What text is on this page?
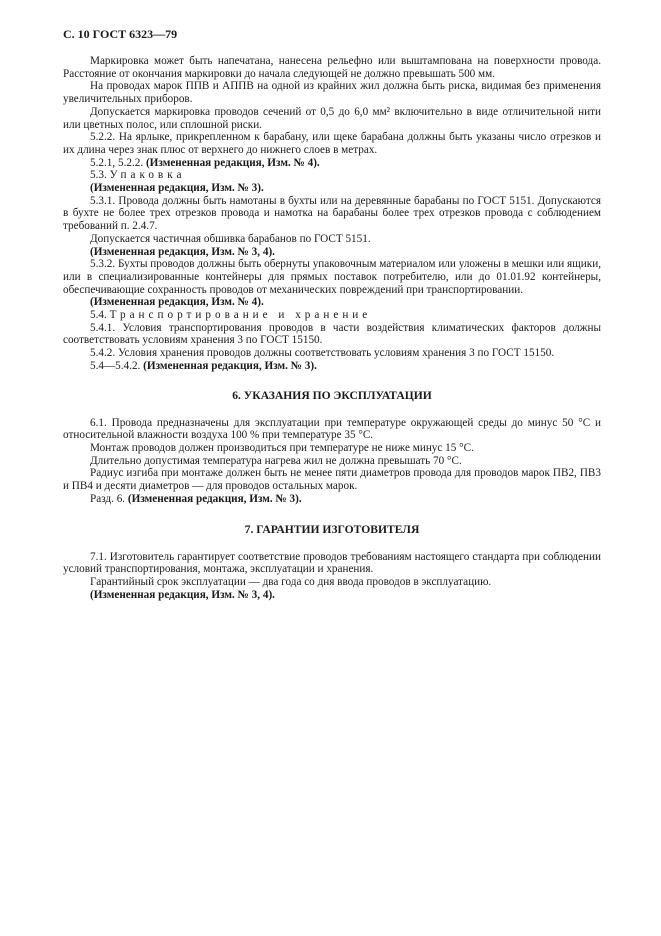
С. 10 ГОСТ 6323—79

Маркировка может быть напечатана, нанесена рельефно или выштампована на поверхности провода. Расстояние от окончания маркировки до начала следующей не должно превышать 500 мм.

На проводах марок ППВ и АППВ на одной из крайних жил должна быть риска, видимая без применения увеличительных приборов.

Допускается маркировка проводов сечений от 0,5 до 6,0 мм² включительно в виде отличительной нити или цветных полос, или сплошной риски.

5.2.2. На ярлыке, прикрепленном к барабану, или щеке барабана должны быть указаны число отрезков и их длина через знак плюс от верхнего до нижнего слоев в метрах.

5.2.1, 5.2.2. (Измененная редакция, Изм. № 4).

5.3. Упаковка

(Измененная редакция, Изм. № 3).

5.3.1. Провода должны быть намотаны в бухты или на деревянные барабаны по ГОСТ 5151. Допускаются в бухте не более трех отрезков провода и намотка на барабаны более трех отрезков провода с соблюдением требований п. 2.4.7.

Допускается частичная обшивка барабанов по ГОСТ 5151.

(Измененная редакция, Изм. № 3, 4).

5.3.2. Бухты проводов должны быть обернуты упаковочным материалом или уложены в мешки или ящики, или в специализированные контейнеры для прямых поставок потребителю, или до 01.01.92 контейнеры, обеспечивающие сохранность проводов от механических повреждений при транспортировании.

(Измененная редакция, Изм. № 4).

5.4. Транспортирование и хранение

5.4.1. Условия транспортирования проводов в части воздействия климатических факторов должны соответствовать условиям хранения 3 по ГОСТ 15150.

5.4.2. Условия хранения проводов должны соответствовать условиям хранения 3 по ГОСТ 15150.

5.4—5.4.2. (Измененная редакция, Изм. № 3).

6. УКАЗАНИЯ ПО ЭКСПЛУАТАЦИИ

6.1. Провода предназначены для эксплуатации при температуре окружающей среды до минус 50 °С и относительной влажности воздуха 100 % при температуре 35 °С.

Монтаж проводов должен производиться при температуре не ниже минус 15 °С.

Длительно допустимая температура нагрева жил не должна превышать 70 °С.

Радиус изгиба при монтаже должен быть не менее пяти диаметров провода для проводов марок ПВ2, ПВ3 и ПВ4 и десяти диаметров — для проводов остальных марок.

Разд. 6. (Измененная редакция, Изм. № 3).

7. ГАРАНТИИ ИЗГОТОВИТЕЛЯ

7.1. Изготовитель гарантирует соответствие проводов требованиям настоящего стандарта при соблюдении условий транспортирования, монтажа, эксплуатации и хранения.

Гарантийный срок эксплуатации — два года со дня ввода проводов в эксплуатацию.

(Измененная редакция, Изм. № 3, 4).
